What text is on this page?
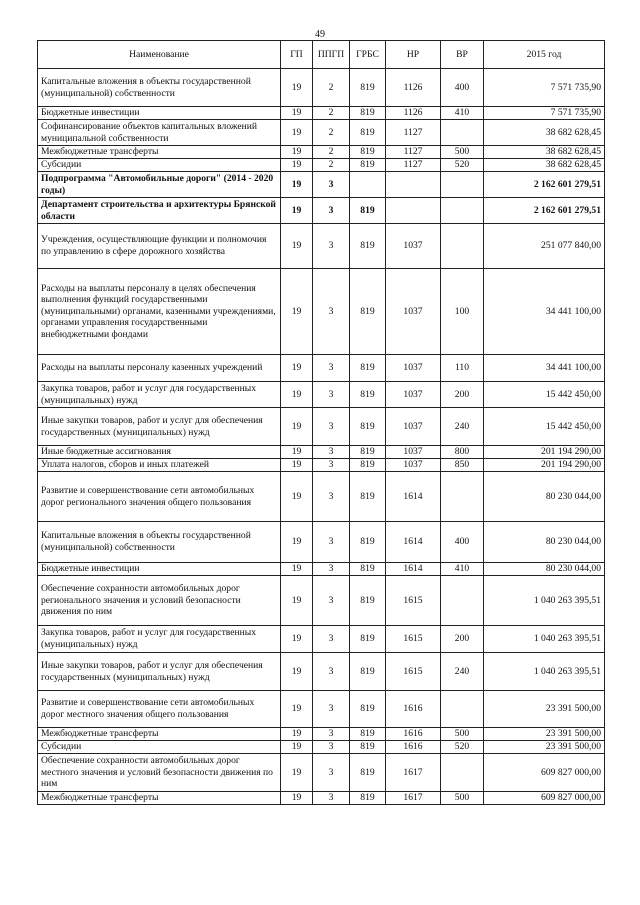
49
Наименование	ГП	ППГП	ГРБС	НР	ВР	2015 год
Капитальные вложения в объекты государственной (муниципальной) собственности	19	2	819	1126	400	7 571 735,90
Бюджетные инвестиции	19	2	819	1126	410	7 571 735,90
Софинансирование объектов капитальных вложений муниципальной собственности	19	2	819	1127		38 682 628,45
Межбюджетные трансферты	19	2	819	1127	500	38 682 628,45
Субсидии	19	2	819	1127	520	38 682 628,45
Подпрограмма "Автомобильные дороги" (2014 - 2020 годы)	19	3				2 162 601 279,51
Департамент строительства и архитектуры Брянской области	19	3	819			2 162 601 279,51
Учреждения, осуществляющие функции и полномочия по управлению в сфере дорожного хозяйства	19	3	819	1037		251 077 840,00
Расходы на выплаты персоналу в целях обеспечения выполнения функций государственными (муниципальными) органами, казенными учреждениями, органами управления государственными внебюджетными фондами	19	3	819	1037	100	34 441 100,00
Расходы на выплаты персоналу казенных учреждений	19	3	819	1037	110	34 441 100,00
Закупка товаров, работ и услуг для государственных (муниципальных) нужд	19	3	819	1037	200	15 442 450,00
Иные закупки товаров, работ и услуг для обеспечения государственных (муниципальных) нужд	19	3	819	1037	240	15 442 450,00
Иные бюджетные ассигнования	19	3	819	1037	800	201 194 290,00
Уплата налогов, сборов и иных платежей	19	3	819	1037	850	201 194 290,00
Развитие и совершенствование сети автомобильных дорог регионального значения общего пользования	19	3	819	1614		80 230 044,00
Капитальные вложения в объекты государственной (муниципальной) собственности	19	3	819	1614	400	80 230 044,00
Бюджетные инвестиции	19	3	819	1614	410	80 230 044,00
Обеспечение сохранности автомобильных дорог регионального значения и условий безопасности движения по ним	19	3	819	1615		1 040 263 395,51
Закупка товаров, работ и услуг для государственных (муниципальных) нужд	19	3	819	1615	200	1 040 263 395,51
Иные закупки товаров, работ и услуг для обеспечения государственных (муниципальных) нужд	19	3	819	1615	240	1 040 263 395,51
Развитие и совершенствование сети автомобильных дорог местного значения общего пользования	19	3	819	1616		23 391 500,00
Межбюджетные трансферты	19	3	819	1616	500	23 391 500,00
Субсидии	19	3	819	1616	520	23 391 500,00
Обеспечение сохранности автомобильных дорог местного значения и условий безопасности движения по ним	19	3	819	1617		609 827 000,00
Межбюджетные трансферты	19	3	819	1617	500	609 827 000,00
